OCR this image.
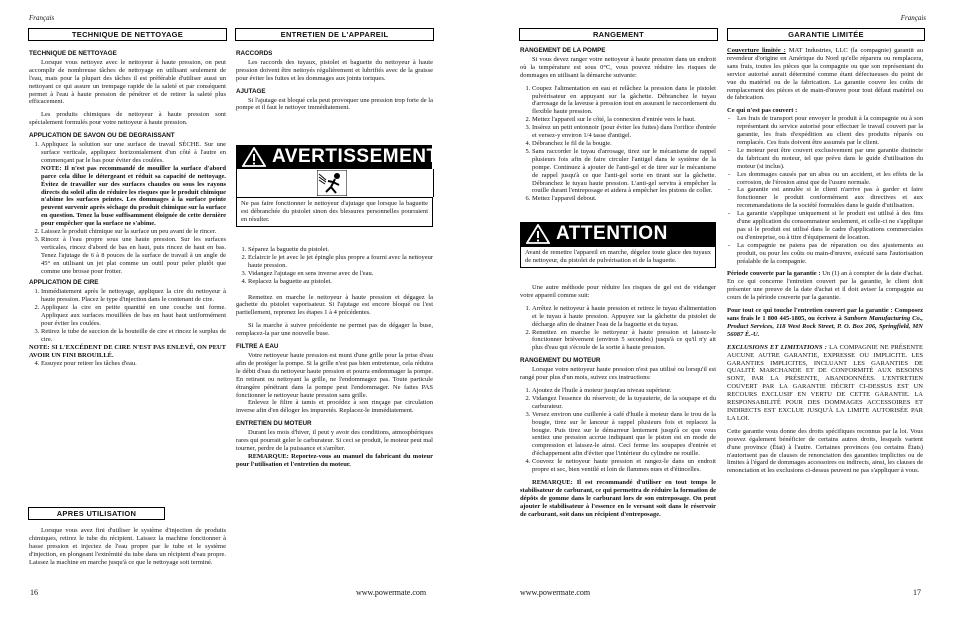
Français	Français
TECHNIQUE DE NETTOYAGE	ENTRETIEN DE L'APPAREIL	RANGEMENT	GARANTIE LIMITÉE

TECHNIQUE DE NETTOYAGE

Lorsque vous nettoyez avec le nettoyeur à haute pression, on peut accomplir de nombreuse tâches de nettoyage en utilisant seulement de l'eau, mais pour la plupart des tâches il est préférable d'utiliser aussi un nettoyant ce qui assure un trempage rapide de la saleté et par conséquent permet à l'eau à haute pression de pénétrer et de retirer la saleté plus efficacement.

Les produits chimiques de nettoyeur à haute pression sont spécialement formulés pour votre nettoyeur à haute pression.

APPLICATION DE SAVON OU DE DEGRAISSANT

1. Appliquez la solution sur une surface de travail SÈCHE. Sur une surface verticale, appliquez horizontalement d'un côté à l'autre en commençant par le bas pour éviter des coulées.
NOTE: Il n'est pas recommandé de mouiller la surface d'abord parce cela dilue le détergeant et réduit sa capacité de nettoyage. Évitez de travailler sur des surfaces chaudes ou sous les rayons directs du soleil afin de réduire les risques que le produit chimique n'abime les surfaces peintes. Les dommages à la surface peinte peuvent survenir après séchage du produit chimique sur la surface en question. Tenez la buse suffisamment éloignée de cette dernière pour empêcher que la surface ne s'abime.
2. Laissez le produit chimique sur la surface un peu avant de le rincer.
3. Rincez à l'eau propre sous une haute pression. Sur les surfaces verticales, rincez d'abord de bas en haut, puis rincez de haut en bas. Tenez l'ajutage de 6 à 8 pouces de la surface de travail à un angle de 45° en utilisant un jet plat comme un outil pour peler plutôt que comme une brosse pour frotter.

APPLICATION DE CIRE

1. Immédiatement après le nettoyage, appliquez la cire du nettoyeur à haute pression. Placez le type d'injection dans le contenant de cire.
2. Appliquez la cire en petite quantité en une couche uni forme. Appliquez aux surfaces mouillées de bas en haut haut uniformément pour éviter les coulées.
3. Retirez le tube de succion de la bouteille de cire et rincez le surplus de cire.

NOTE: SI L'EXCÉDENT DE CIRE N'EST PAS ENLEVÉ, ON PEUT AVOIR UN FINI BROUILLÉ.

4. Essuyez pour retirer les tâches d'eau.
APRES UTILISATION

Lorsque vous avez fini d'utiliser le système d'injection de produits chimiques, retirez le tube du récipient. Laissez la machine fonctionner à basse pression et injectez de l'eau propre par le tube et le système d'injection, en plongeant l'extrémité du tube dans un récipient d'eau propre. Laissez la machine en marche jusqu'à ce que le nettoyage soit terminé.

RACCORDS

Les raccords des tuyaux, pistolet et baguette du nettoyeur à haute pression doivent être nettoyés régulièrement et lubrifiés avec de la graisse pour éviter les fuites et les dommages aux joints toriques.

AJUTAGE

Si l'ajutage est bloqué cela peut provoquer une pression trop forte de la pompe et il faut le nettoyer immédiatement.

AVERTISSEMENT
Ne pas faire fonctionner le nettoyeur d'ajutage que lorsque la baguette est débranchée du pistolet sinon des blessures personnelles pourraient en résulter.
1. Séparez la baguette du pistolet.
2. Eclaircir le jet avec le jet épingle plus propre a fourni avec la nettoyeur haute pression.
3. Vidangez l'ajutage en sens inverse avec de l'eau.
4. Replacez la baguette au pistolet.

Remettez en marche le nettoyeur à haute pression et dégagez la gachette du pistolet vaporisateur. Si l'ajutage est encore bloqué ou l'est partiellement, reprenez les étapes 1 à 4 précédentes.

Si la marche à suivre précédente ne permet pas de dégager la buse, remplacez-la par une nouvelle buse.

FILTRE A EAU

Votre nettoyeur haute pression est muni d'une grille pour la prise d'eau afin de protéger la pompe. Si la grille n'est pas bien entretenue, cela réduira le débit d'eau du nettoyeur haute pression et pourra endommager la pompe. En retirant ou nettoyant la grille, ne l'endommagez pas. Toute particule étrangère pénétrant dans la pompe peut l'endommager. Ne faites PAS fonctionner le nettoyeur haute pression sans grille.

Enlevez le filtre à tamis et procédez à son rinçage par circulation inverse afin d'en déloger les impuretés. Replacez-le immédiatement.

ENTRETIEN DU MOTEUR

Durant les mois d'hiver, il peut y avoir des conditions, atmosphériques rares qui pourrait geler le carburateur. Si ceci se produit, le moteur peut mal tourner, perdre de la puissance et s'arrêter.

REMARQUE: Reportez-vous au manuel du fabricant du moteur pour l'utilisation et l'entretien du moteur.

RANGEMENT DE LA POMPE

Si vous devez ranger votre nettoyeur à haute pression dans un endroit où la température est sous 0°C, vous pouvez réduire les risques de dommages en utilisant la démarche suivante:

1. Coupez l'alimentation en eau et relâchez la pression dans le pistolet pulvérisateur en appuyant sur la gâchette. Débranchez le tuyau d'arrosage de la laveuse à pression tout en assurant le raccordement du flexible haute pression.
2. Mettez l'appareil sur le côté, la connexion d'entrée vers le haut.
3. Insérez un petit entonnoir (pour éviter les fuites) dans l'orifice d'entrée et versez-y environ 1/4 tasse d'antigel.
4. Débranchez le fil de la bougie.
5. Sans raccorder le tuyau d'arrosage, tirez sur le mécanisme de rappel plusieurs fois afin de faire circuler l'antigel dans le système de la pompe. Continuez à ajouter de l'anti-gel et de tirer sur le mécanisme de rappel jusqu'à ce que l'anti-gel sorte en tirant sur la gâchette. Débranchez le tuyau haute pression. L'anti-gel servira à empêcher la rouille durant l'entreposage et aidera à empêcher les pistons de coller.
6. Mettez l'appareil debout.
ATTENTION
Avant de remettre l'appareil en marche, dégelez toute glace des tuyaux de nettoyeur, du pistolet de pulvérisation et de la baguette.

Une autre méthode pour réduire les risques de gel est de vidanger votre appareil comme suit:

1. Arrêtez le nettoyeur à haute pression et retirez le tuyau d'alimentation et le tuyau à haute pression. Appuyez sur la gâchette du pistolet de décharge afin de drainer l'eau de la baguette et du tuyau.
2. Remettez en marche le nettoyeur à haute pression et laissez-le fonctionner brièvement (environ 5 secondes) jusqu'à ce qu'il n'y ait plus d'eau qui s'écoule de la sortie à haute pression.

RANGEMENT DU MOTEUR

Lorsque votre nettoyeur haute pression n'est pas utilisé ou lorsqu'il est rangé pour plus d'un mois, suivez ces instructions:

1. Ajoutez de l'huile à moteur jusqu'au niveau supérieur.
2. Vidangez l'essence du réservoir, de la tuyauterie, de la soupape et du carburateur.
3. Versez environ une cuillerée à café d'huile à moteur dans le trou de la bougie, tirez sur le lanceur à rappel plusieurs fois et replacez la bougie. Puis tirez sur le démarreur lentement jusqu'à ce que vous sentiez une pression accrue indiquant que le piston est en mode de compression et laissez-le ainsi. Ceci ferme les soupapes d'entrée et d'échappement afin d'éviter que l'intérieur du cylindre ne rouille.
4. Couvrez le nettoyeur haute pression et rangez-le dans un endroit propre et sec, bien ventilé et loin de flammes nues et d'étincelles.

REMARQUE: Il est recommandé d'utiliser en tout temps le stabilisateur de carburant, ce qui permettra de réduire la formation de dépôts de gomme dans le carburant lors de son entreposage. On peut ajouter le stabilisateur à l'essence en le versant soit dans le réservoir de carburant, soit dans un récipient d'entreposage.

Couverture limitée : MAT Industries, LLC (la compagnie) garantit au revendeur d'origine en Amérique du Nord qu'elle réparera ou remplacera, sans frais, toutes les pièces que la compagnie ou que son représentant du service autorisé aurait déterminé comme étant défectueuses du point de vue du matériel ou de la fabrication. La garantie couvre les coûts de remplacement des pièces et de main-d'œuvre pour tout défaut matériel ou de fabrication.

Ce qui n'est pas couvert :

- Les frais de transport pour envoyer le produit à la compagnie ou à son représentant du service autorisé pour effectuer le travail couvert par la garantie, les frais d'expédition au client des produits réparés ou remplacés. Ces frais doivent être assumés par le client.
- Le moteur peut être couvert exclusivement par une garantie distincte du fabricant du moteur, tel que prévu dans le guide d'utilisation du moteur (si inclus).
- Les dommages causés par un abus ou un accident, et les effets de la corrosion, de l'érosion ainsi que de l'usure normale.
- La garantie est annulée si le client n'arrive pas à garder et faire fonctionner le produit conformément aux directives et aux recommandations de la société formulées dans le guide d'utilisation.
- La garantie s'applique uniquement si le produit est utilisé à des fins d'une application du consommateur seulement, et celle-ci ne s'applique pas si le produit est utilisé dans le cadre d'applications commerciales ou d'entreprise, ou à titre d'équipement de location.
- La compagnie ne paiera pas de réparation ou des ajustements au produit, ou pour les coûts ou main-d'œuvre, exécuté sans l'autorisation préalable de la compagnie.

Période couverte par la garantie : Un (1) an à compter de la date d'achat. En ce qui concerne l'entretien couvert par la garantie, le client doit présenter une preuve de la date d'achat et il doit aviser la compagnie au cours de la période couverte par la garantie.

Pour tout ce qui touche l'entretien couvert par la garantie : Composez sans frais le 1 800 445-1805, ou écrivez à Sanborn Manufacturing Co., Product Services, 118 West Rock Street, P. O. Box 206, Springfield, MN 56087 É.-U.

EXCLUSIONS ET LIMITATIONS : LA COMPAGNIE NE PRÉSENTE AUCUNE AUTRE GARANTIE, EXPRESSE OU IMPLICITE. LES GARANTIES IMPLICITES, INCLUANT LES GARANTIES DE QUALITÉ MARCHANDE ET DE CONFORMITÉ AUX BESOINS SONT, PAR LA PRÉSENTE, ABANDONNÉES. L'ENTRETIEN COUVERT PAR LA GARANTIE DÉCRIT CI-DESSUS EST UN RECOURS EXCLUSIF EN VERTU DE CETTE GARANTIE. LA RESPONSABILITÉ POUR DES DOMMAGES ACCESSOIRES ET INDIRECTS EST EXCLUE JUSQU'À LA LIMITE AUTORISÉE PAR LA LOI.

Cette garantie vous donne des droits spécifiques reconnus par la loi. Vous pouvez également bénéficier de certains autres droits, lesquels varient d'une province (État) à l'autre. Certaines provinces (ou certains États) n'autorisent pas de clauses de renonciation des garanties implicites ou de limites à l'égard de dommages accessoires ou indirects, ainsi, les clauses de renonciation et les exclusions ci-dessus peuvent ne pas s'appliquer à vous.

16	www.powermate.com	www.powermate.com	17
